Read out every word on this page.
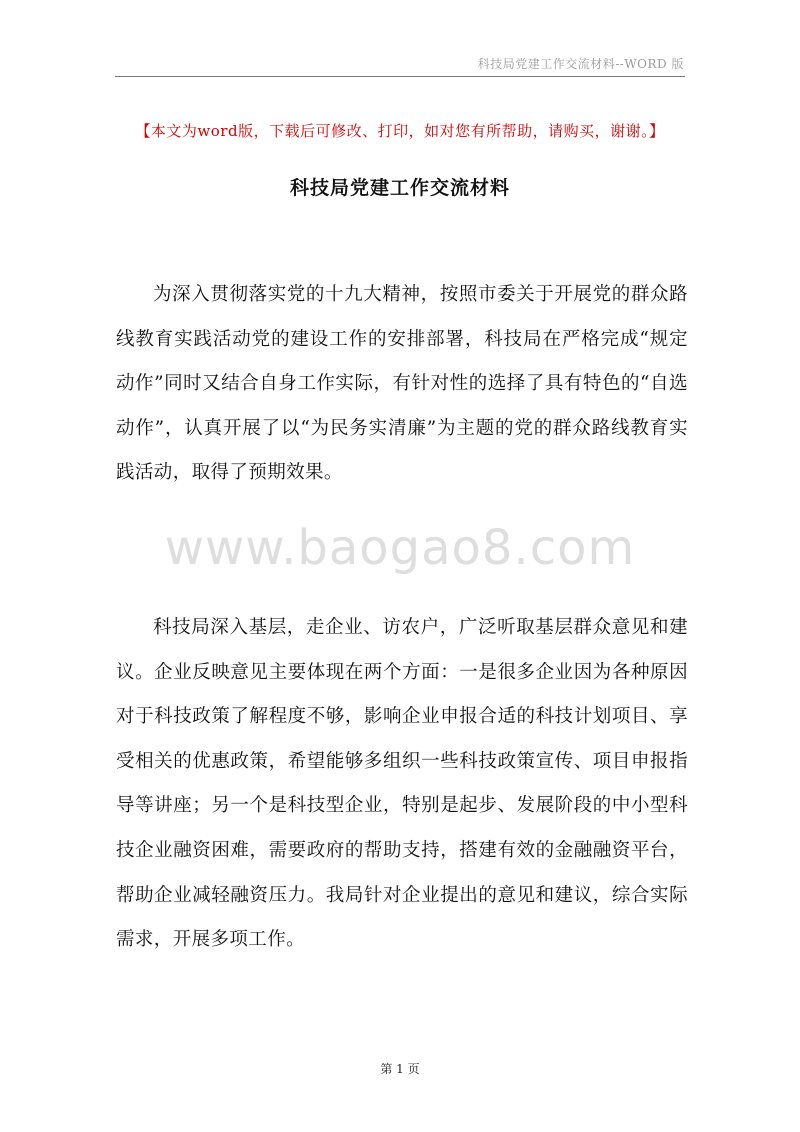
科技局党建工作交流材料--WORD 版
【本文为word版，下载后可修改、打印，如对您有所帮助，请购买，谢谢。】
科技局党建工作交流材料

为深入贯彻落实党的十九大精神，按照市委关于开展党的群众路线教育实践活动党的建设工作的安排部署，科技局在严格完成“规定动作”同时又结合自身工作实际，有针对性的选择了具有特色的“自选动作”，认真开展了以“为民务实清廉”为主题的党的群众路线教育实践活动，取得了预期效果。

www.baogao8.com

科技局深入基层，走企业、访农户，广泛听取基层群众意见和建议。企业反映意见主要体现在两个方面：一是很多企业因为各种原因对于科技政策了解程度不够，影响企业申报合适的科技计划项目、享受相关的优惠政策，希望能够多组织一些科技政策宣传、项目申报指导等讲座；另一个是科技型企业，特别是起步、发展阶段的中小型科技企业融资困难，需要政府的帮助支持，搭建有效的金融融资平台，帮助企业减轻融资压力。我局针对企业提出的意见和建议，综合实际需求，开展多项工作。

第 1 页
